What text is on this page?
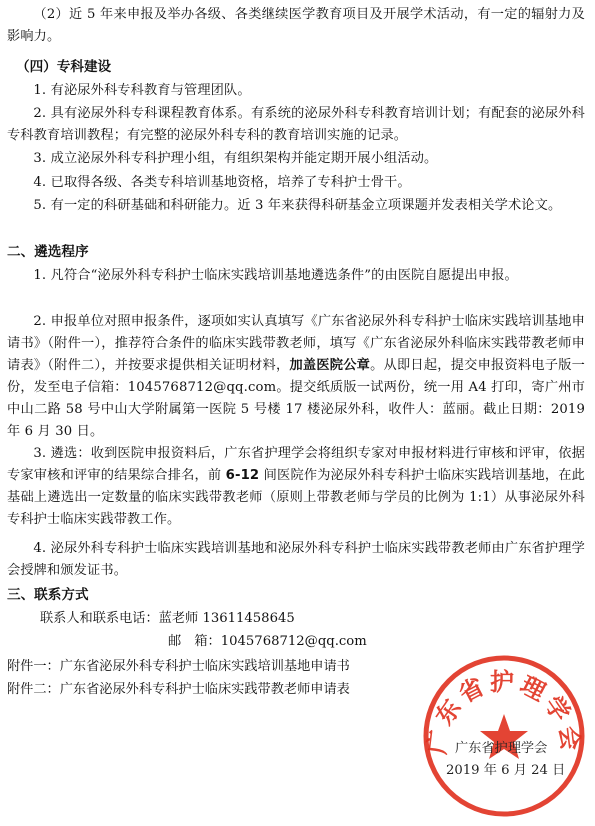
（2）近 5 年来申报及举办各级、各类继续医学教育项目及开展学术活动，有一定的辐射力及影响力。

（四）专科建设

1. 有泌尿外科专科教育与管理团队。

2. 具有泌尿外科专科课程教育体系。有系统的泌尿外科专科教育培训计划；有配套的泌尿外科专科教育培训教程；有完整的泌尿外科专科的教育培训实施的记录。

3. 成立泌尿外科专科护理小组，有组织架构并能定期开展小组活动。

4. 已取得各级、各类专科培训基地资格，培养了专科护士骨干。

5. 有一定的科研基础和科研能力。近 3 年来获得科研基金立项课题并发表相关学术论文。

二、遴选程序

1. 凡符合“泌尿外科专科护士临床实践培训基地遴选条件”的由医院自愿提出申报。

2. 申报单位对照申报条件，逐项如实认真填写《广东省泌尿外科专科护士临床实践培训基地申请书》（附件一），推荐符合条件的临床实践带教老师，填写《广东省泌尿外科临床实践带教老师申请表》（附件二），并按要求提供相关证明材料，加盖医院公章。从即日起，提交申报资料电子版一份，发至电子信箱：1045768712@qq.com。提交纸质版一试两份，统一用 A4 打印，寄广州市中山二路 58 号中山大学附属第一医院 5 号楼 17 楼泌尿外科，收件人：蓝丽。截止日期：2019 年 6 月 30 日。

3. 遴选：收到医院申报资料后，广东省护理学会将组织专家对申报材料进行审核和评审，依据专家审核和评审的结果综合排名，前 6-12 间医院作为泌尿外科专科护士临床实践培训基地，在此基础上遴选出一定数量的临床实践带教老师（原则上带教老师与学员的比例为 1:1）从事泌尿外科专科护士临床实践带教工作。

4. 泌尿外科专科护士临床实践培训基地和泌尿外科专科护士临床实践带教老师由广东省护理学会授牌和颁发证书。

三、联系方式

联系人和联系电话：蓝老师 13611458645

邮　箱：1045768712@qq.com

附件一：广东省泌尿外科专科护士临床实践培训基地申请书

附件二：广东省泌尿外科专科护士临床实践带教老师申请表

广东省护理学会
广东省护理学会
2019 年 6 月 24 日
